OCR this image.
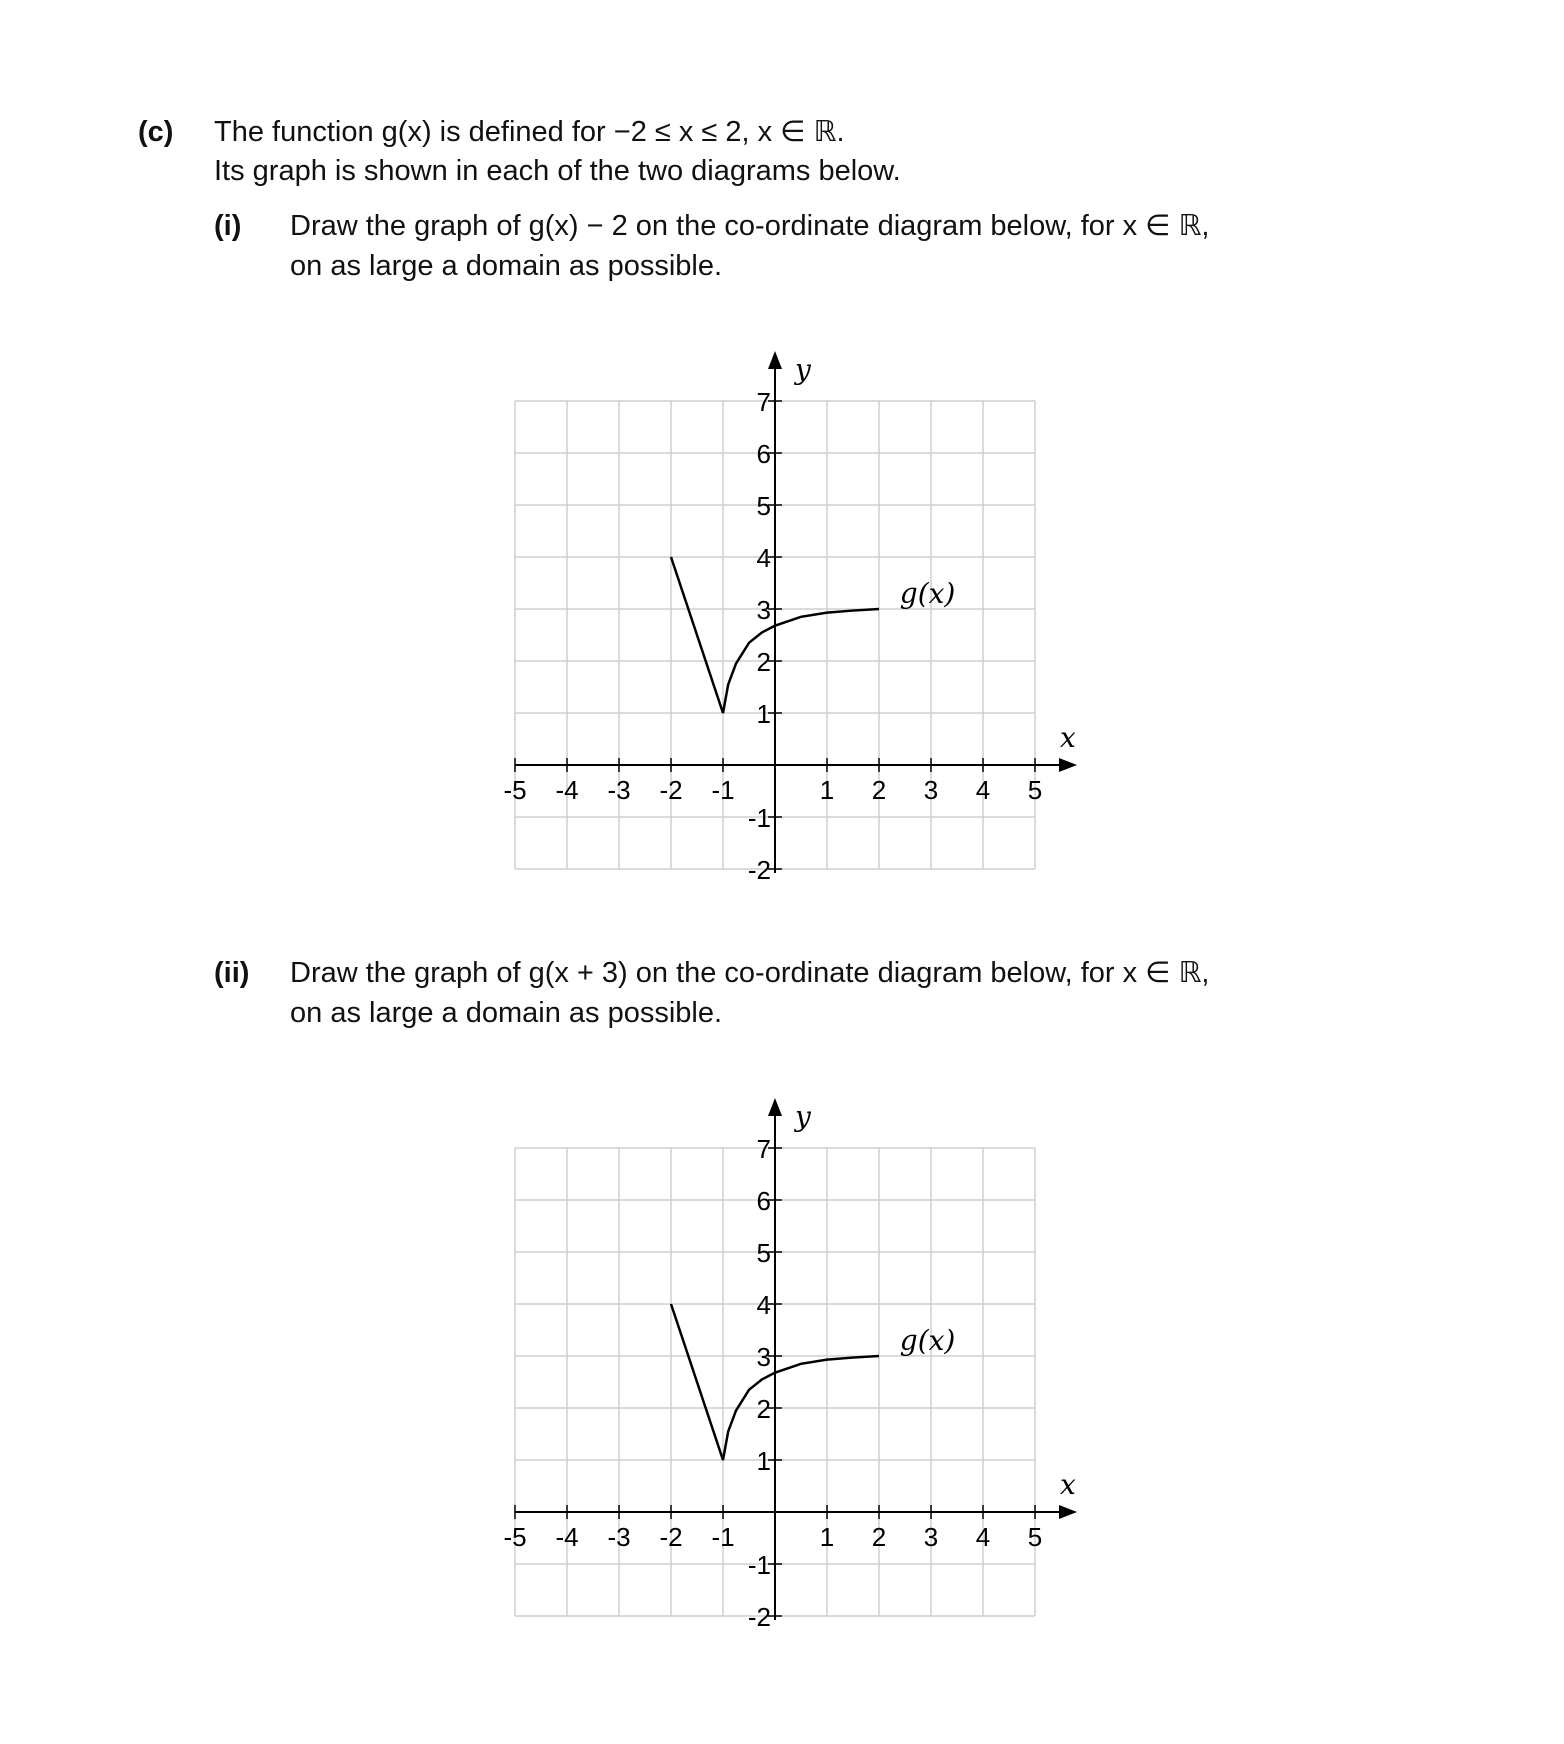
(c) The function g(x) is defined for −2 ≤ x ≤ 2, x ∈ ℝ.
Its graph is shown in each of the two diagrams below.
(i) Draw the graph of g(x) − 2 on the co-ordinate diagram below, for x ∈ ℝ,
on as large a domain as possible.
x
y
-5 -4 -3 -2 -1	1 2 3 4 5
7
6
5
4
3
2
1
-1
-2
g(x)
(ii) Draw the graph of g(x + 3) on the co-ordinate diagram below, for x ∈ ℝ,
on as large a domain as possible.
x
y
-5 -4 -3 -2 -1	1 2 3 4 5
7
6
5
4
3
2
1
-1
-2
g(x)
